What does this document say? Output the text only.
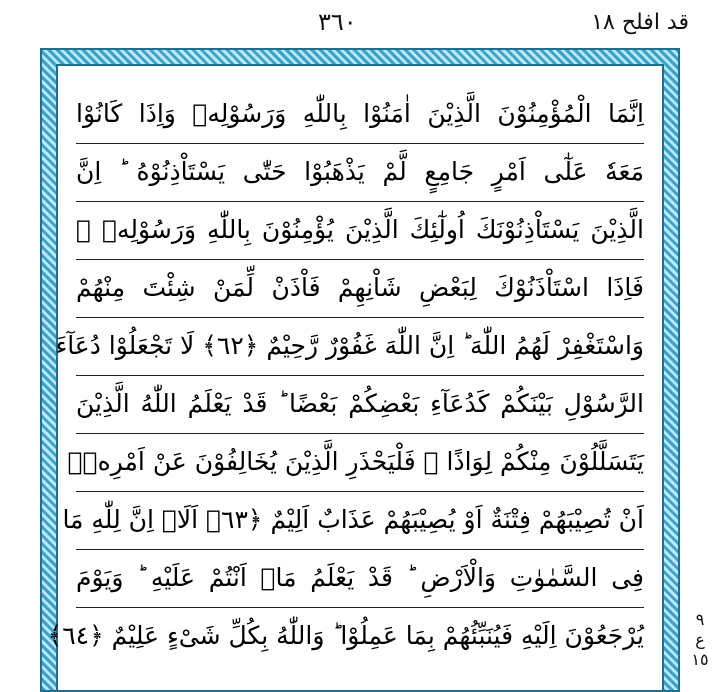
٣٦٠	قد افلح ١٨
اِنَّمَا الْمُؤْمِنُوْنَ الَّذِيْنَ اٰمَنُوْا بِاللّٰهِ وَرَسُوْلِهٖ وَاِذَا كَانُوْا
مَعَهٗ عَلٰٓى اَمْرٍ جَامِعٍ لَّمْ يَذْهَبُوْا حَتّٰى يَسْتَاْذِنُوْهُ ؕ اِنَّ
الَّذِيْنَ يَسْتَاْذِنُوْنَكَ اُولٰٓئِكَ الَّذِيْنَ يُؤْمِنُوْنَ بِاللّٰهِ وَرَسُوْلِهٖ ۚ
فَاِذَا اسْتَاْذَنُوْكَ لِبَعْضِ شَاْنِهِمْ فَاْذَنْ لِّمَنْ شِئْتَ مِنْهُمْ
وَاسْتَغْفِرْ لَهُمُ اللّٰهَ ؕ اِنَّ اللّٰهَ غَفُوْرٌ رَّحِيْمٌ ﴿٦٢﴾ لَا تَجْعَلُوْا دُعَآءَ
الرَّسُوْلِ بَيْنَكُمْ كَدُعَآءِ بَعْضِكُمْ بَعْضًا ؕ قَدْ يَعْلَمُ اللّٰهُ الَّذِيْنَ
يَتَسَلَّلُوْنَ مِنْكُمْ لِوَاذًا ۚ فَلْيَحْذَرِ الَّذِيْنَ يُخَالِفُوْنَ عَنْ اَمْرِهٖۤ
اَنْ تُصِيْبَهُمْ فِتْنَةٌ اَوْ يُصِيْبَهُمْ عَذَابٌ اَلِيْمٌ ﴿٦٣﴾ اَلَاۤ اِنَّ لِلّٰهِ مَا
فِى السَّمٰوٰتِ وَالْاَرْضِ ؕ قَدْ يَعْلَمُ مَاۤ اَنْتُمْ عَلَيْهِ ؕ وَيَوْمَ
يُرْجَعُوْنَ اِلَيْهِ فَيُنَبِّئُهُمْ بِمَا عَمِلُوْا ؕ وَاللّٰهُ بِكُلِّ شَىْءٍ عَلِيْمٌ ﴿٦٤﴾
٩
ع
١٥
